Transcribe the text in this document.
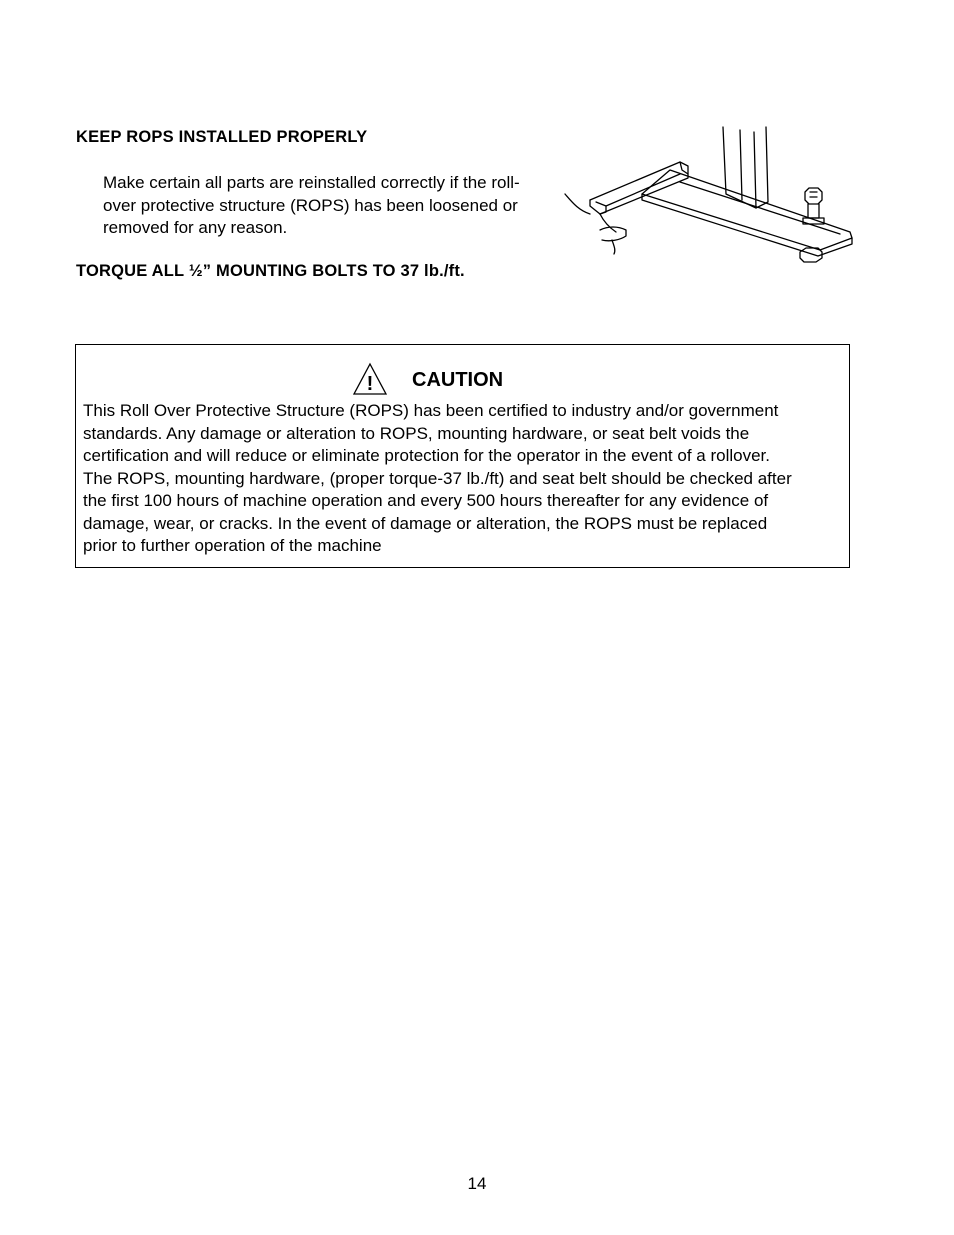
KEEP ROPS INSTALLED PROPERLY
Make certain all parts are reinstalled correctly if the roll-
over protective structure (ROPS) has been loosened or
removed for any reason.
TORQUE ALL ½” MOUNTING BOLTS TO 37 lb./ft.
! CAUTION
This Roll Over Protective Structure (ROPS) has been certified to industry and/or government
standards. Any damage or alteration to ROPS, mounting hardware, or seat belt voids the
certification and will reduce or eliminate protection for the operator in the event of a rollover.
The ROPS, mounting hardware, (proper torque-37 lb./ft) and seat belt should be checked after
the first 100 hours of machine operation and every 500 hours thereafter for any evidence of
damage, wear, or cracks. In the event of damage or alteration, the ROPS must be replaced
prior to further operation of the machine
14
